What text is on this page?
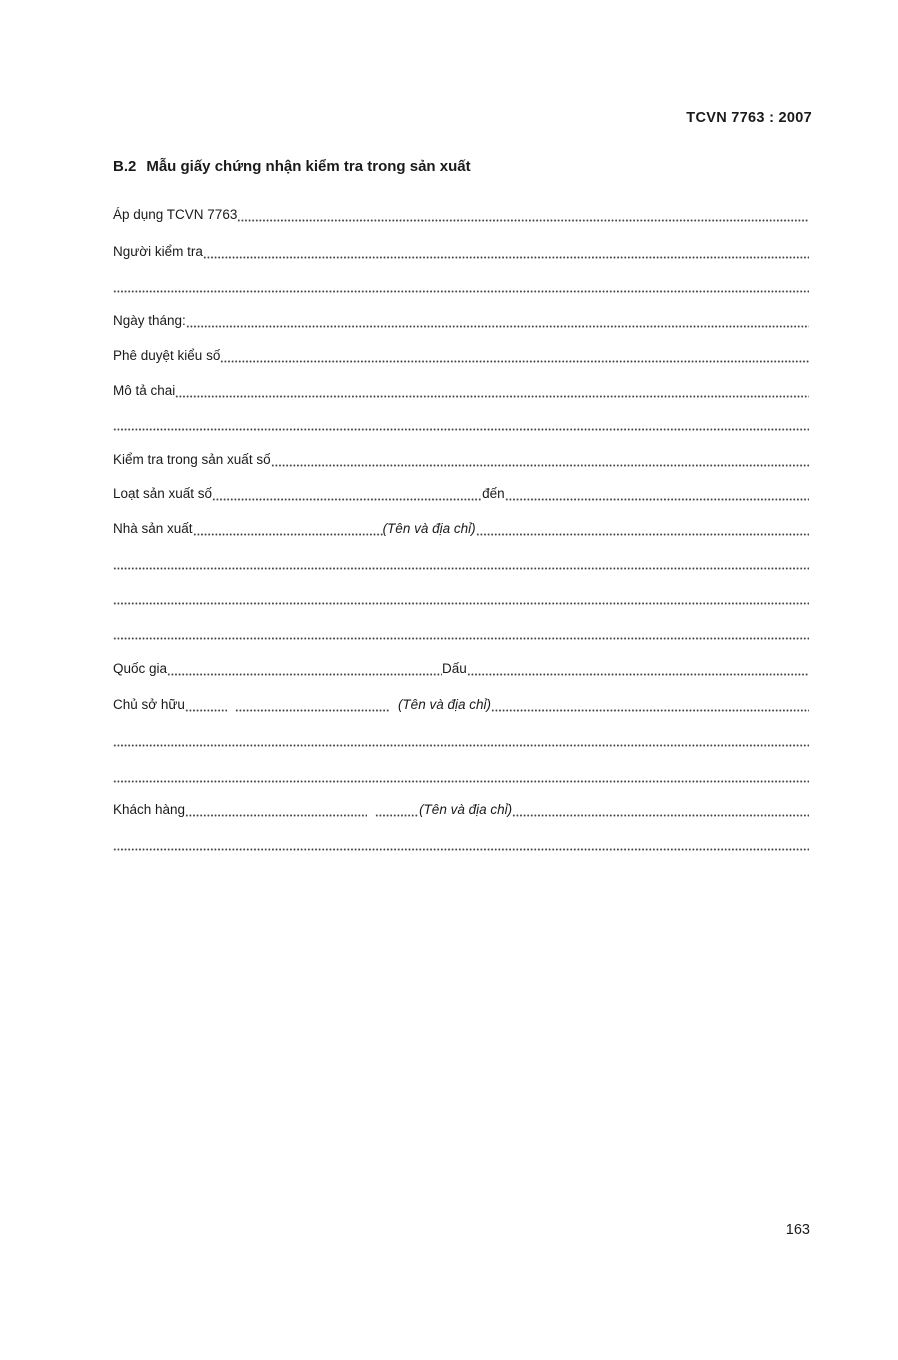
TCVN 7763 : 2007
B.2 Mẫu giấy chứng nhận kiểm tra trong sản xuất
Áp dụng TCVN 7763
Người kiểm tra
Ngày tháng:
Phê duyệt kiểu số
Mô tả chai
Kiểm tra trong sản xuất số
Loạt sản xuất số	đến
Nhà sản xuất	(Tên và địa chỉ)
Quốc gia	Dấu
Chủ sở hữu	(Tên và địa chỉ)
Khách hàng	(Tên và địa chỉ)
163
